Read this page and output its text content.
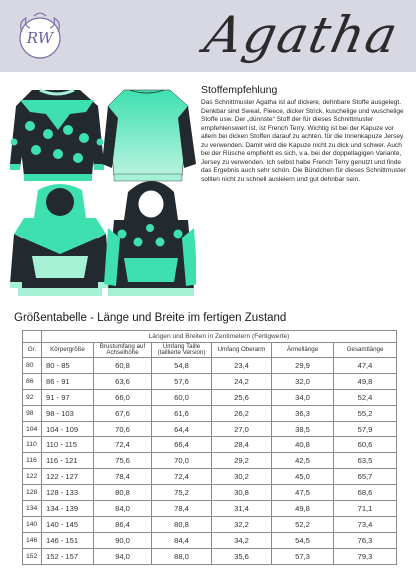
RW	Agatha
Stoffempfehlung
Das Schnittmuster Agatha ist auf dickere, dehnbare Stoffe ausgelegt. Denkbar sind Sweat, Fleece, dicker Strick, kuschelige und wuschelige Stoffe usw. Der „dünnste“ Stoff der für dieses Schnittmuster empfehlenswert ist, ist French Terry. Wichtig ist bei der Kapuze vor allem bei dicken Stoffen darauf zu achten, für die Innenkapuze Jersey zu verwenden. Damit wird die Kapuze nicht zu dick und schwer. Auch bei der Rüsche empfiehlt es sich, v.a. bei der doppellagigen Variante, Jersey zu verwenden. Ich selbst habe French Terry genutzt und finde das Ergebnis auch sehr schön. Die Bündchen für dieses Schnittmuster sollten nicht zu schnell ausleiern und gut dehnbar sein.
Größentabelle - Länge und Breite im fertigen Zustand
	Längen und Breiten in Zentimetern (Fertigwerte)					
Gr.	Körpergröße	Brustumfang auf Achselhöhe	Umfang Taille (taillierte Version)	Umfang Oberarm	Ärmellänge	Gesamtlänge
80	80 - 85	60,8	54,8	23,4	29,9	47,4
86	86 - 91	63,6	57,6	24,2	32,0	49,8
92	91 - 97	66,0	60,0	25,6	34,0	52,4
98	98 - 103	67,6	61,6	26,2	36,3	55,2
104	104 - 109	70,6	64,4	27,0	38,5	57,9
110	110 - 115	72,4	66,4	28,4	40,8	60,6
116	116 - 121	75,6	70,0	29,2	42,5	63,5
122	122 - 127	78,4	72,4	30,2	45,0	65,7
128	128 - 133	80,8	75,2	30,8	47,5	68,6
134	134 - 139	84,0	78,4	31,4	49,8	71,1
140	140 - 145	86,4	80,8	32,2	52,2	73,4
146	146 - 151	90,0	84,4	34,2	54,5	76,3
152	152 - 157	94,0	88,0	35,6	57,3	79,3
